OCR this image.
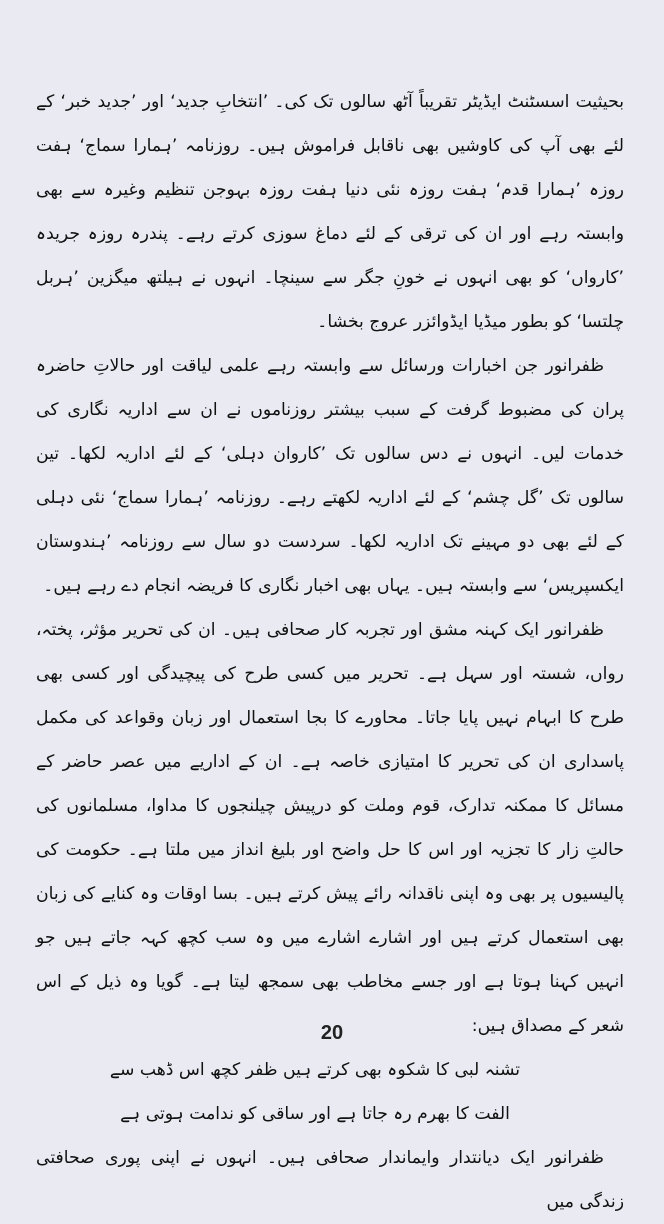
بحیثیت اسسٹنٹ ایڈیٹر تقریباً آٹھ سالوں تک کی۔ ’انتخابِ جدید‘ اور ’جدید خبر‘ کے لئے بھی آپ کی کاوشیں بھی ناقابل فراموش ہیں۔ روزنامہ ’ہمارا سماج‘ ہفت روزہ ’ہمارا قدم‘ ہفت روزہ نئی دنیا ہفت روزہ بہوجن تنظیم وغیرہ سے بھی وابستہ رہے اور ان کی ترقی کے لئے دماغ سوزی کرتے رہے۔ پندرہ روزہ جریدہ ’کارواں‘ کو بھی انہوں نے خونِ جگر سے سینچا۔ انہوں نے ہیلتھ میگزین ’ہربل چلتسا‘ کو بطور میڈیا ایڈوائزر عروج بخشا۔

ظفرانور جن اخبارات ورسائل سے وابستہ رہے علمی لیاقت اور حالاتِ حاضرہ پران کی مضبوط گرفت کے سبب بیشتر روزناموں نے ان سے اداریہ نگاری کی خدمات لیں۔ انہوں نے دس سالوں تک ’کاروان دہلی‘ کے لئے اداریہ لکھا۔ تین سالوں تک ’گل چشم‘ کے لئے اداریہ لکھتے رہے۔ روزنامہ ’ہمارا سماج‘ نئی دہلی کے لئے بھی دو مہینے تک اداریہ لکھا۔ سردست دو سال سے روزنامہ ’ہندوستان ایکسپریس‘ سے وابستہ ہیں۔ یہاں بھی اخبار نگاری کا فریضہ انجام دے رہے ہیں۔

ظفرانور ایک کہنہ مشق اور تجربہ کار صحافی ہیں۔ ان کی تحریر مؤثر، پختہ، رواں، شستہ اور سہل ہے۔ تحریر میں کسی طرح کی پیچیدگی اور کسی بھی طرح کا ابہام نہیں پایا جاتا۔ محاورے کا بجا استعمال اور زبان وقواعد کی مکمل پاسداری ان کی تحریر کا امتیازی خاصہ ہے۔ ان کے اداریے میں عصر حاضر کے مسائل کا ممکنہ تدارک، قوم وملت کو درپیش چیلنجوں کا مداوا، مسلمانوں کی حالتِ زار کا تجزیہ اور اس کا حل واضح اور بلیغ انداز میں ملتا ہے۔ حکومت کی پالیسیوں پر بھی وہ اپنی ناقدانہ رائے پیش کرتے ہیں۔ بسا اوقات وہ کنایے کی زبان بھی استعمال کرتے ہیں اور اشارے اشارے میں وہ سب کچھ کہہ جاتے ہیں جو انہیں کہنا ہوتا ہے اور جسے مخاطب بھی سمجھ لیتا ہے۔ گویا وہ ذیل کے اس شعر کے مصداق ہیں:

تشنہ لبی کا شکوہ بھی کرتے ہیں ظفر کچھ اس ڈھب سے
الفت کا بھرم رہ جاتا ہے اور ساقی کو ندامت ہوتی ہے

ظفرانور ایک دیانتدار وایماندار صحافی ہیں۔ انہوں نے اپنی پوری صحافتی زندگی میں

20
